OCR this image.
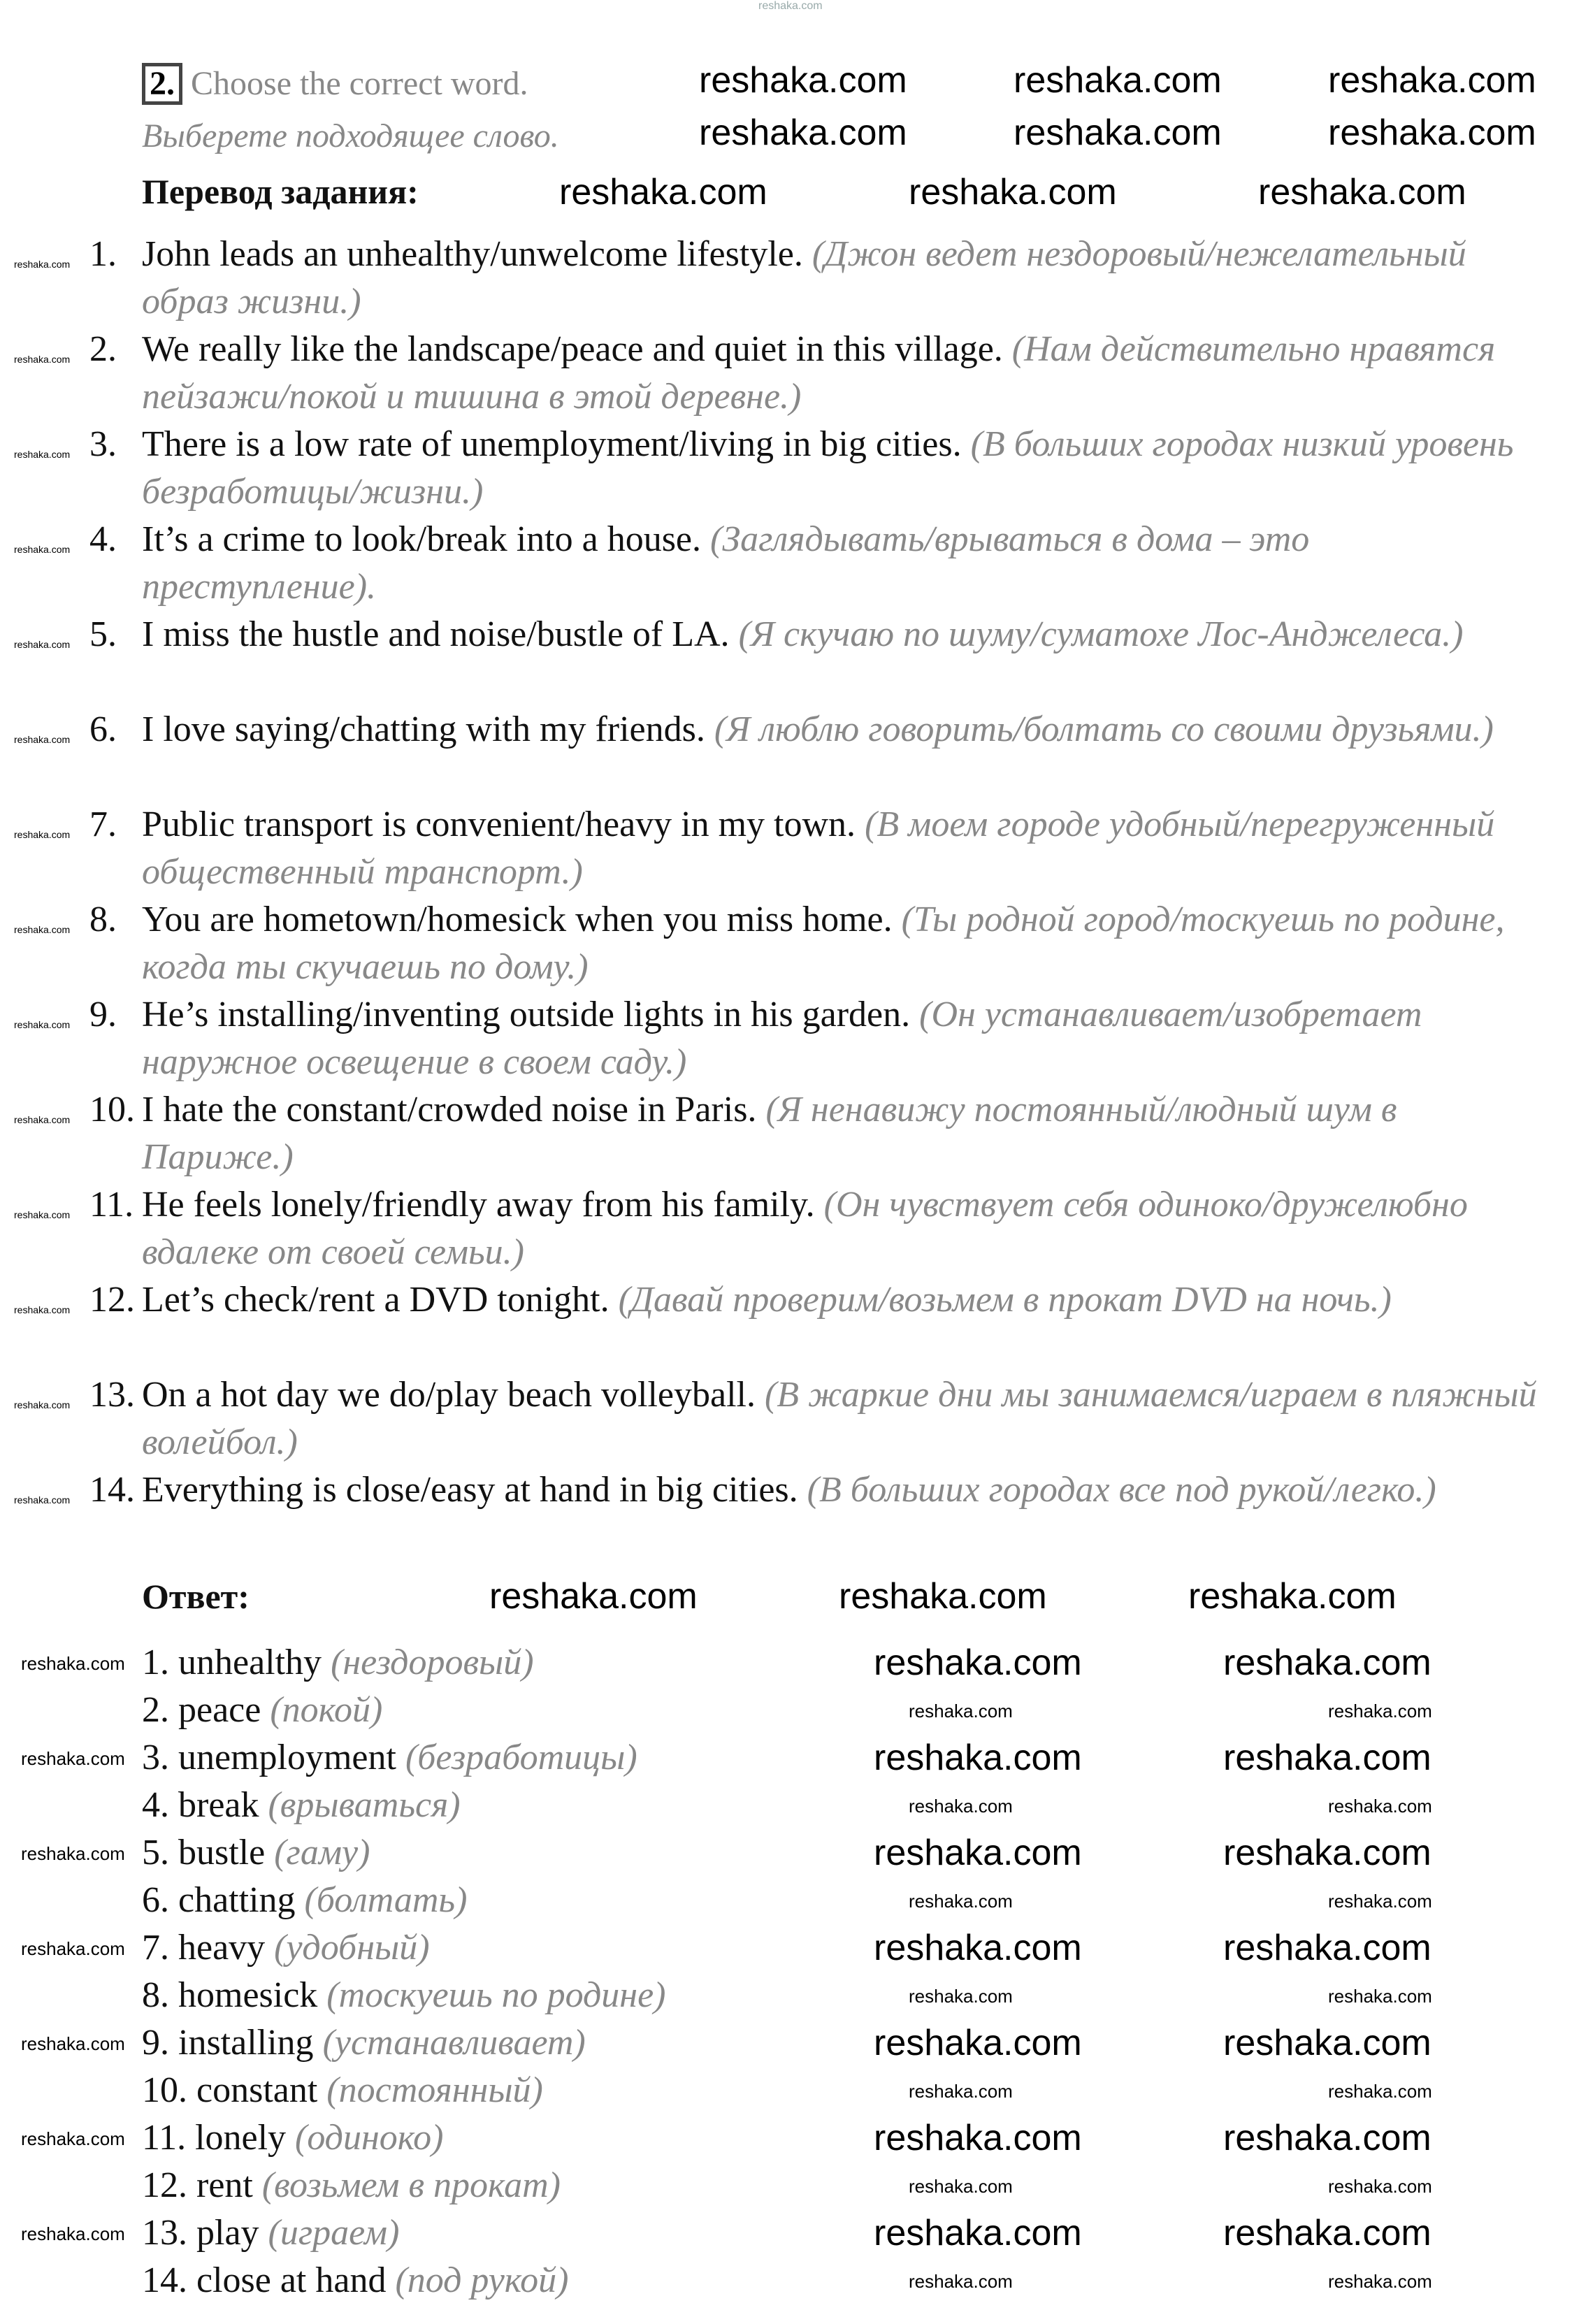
reshaka.com
2. Choose the correct word.
Выберете подходящее слово.
Перевод задания:
1. John leads an unhealthy/unwelcome lifestyle. (Джон ведет нездоровый/нежелательный образ жизни.)
2. We really like the landscape/peace and quiet in this village. (Нам действительно нравятся пейзажи/покой и тишина в этой деревне.)
3. There is a low rate of unemployment/living in big cities. (В больших городах низкий уровень безработицы/жизни.)
4. It’s a crime to look/break into a house. (Заглядывать/врываться в дома – это преступление).
5. I miss the hustle and noise/bustle of LA. (Я скучаю по шуму/суматохе Лос-Анджелеса.)
6. I love saying/chatting with my friends. (Я люблю говорить/болтать со своими друзьями.)
7. Public transport is convenient/heavy in my town. (В моем городе удобный/перегруженный общественный транспорт.)
8. You are hometown/homesick when you miss home. (Ты родной город/тоскуешь по родине, когда ты скучаешь по дому.)
9. He’s installing/inventing outside lights in his garden. (Он устанавливает/изобретает наружное освещение в своем саду.)
10. I hate the constant/crowded noise in Paris. (Я ненавижу постоянный/людный шум в Париже.)
11. He feels lonely/friendly away from his family. (Он чувствует себя одиноко/дружелюбно вдалеке от своей семьи.)
12. Let’s check/rent a DVD tonight. (Давай проверим/возьмем в прокат DVD на ночь.)
13. On a hot day we do/play beach volleyball. (В жаркие дни мы занимаемся/играем в пляжный волейбол.)
14. Everything is close/easy at hand in big cities. (В больших городах все под рукой/легко.)
Ответ:
1. unhealthy (нездоровый)
2. peace (покой)
3. unemployment (безработицы)
4. break (врываться)
5. bustle (гаму)
6. chatting (болтать)
7. heavy (удобный)
8. homesick (тоскуешь по родине)
9. installing (устанавливает)
10. constant (постоянный)
11. lonely (одиноко)
12. rent (возьмем в прокат)
13. play (играем)
14. close at hand (под рукой)
reshaka.com	reshaka.com	reshaka.com
reshaka.com	reshaka.com	reshaka.com
reshaka.com	reshaka.com	reshaka.com
reshaka.com	reshaka.com	reshaka.com
reshaka.com	reshaka.com
reshaka.com	reshaka.com
reshaka.com	reshaka.com
reshaka.com	reshaka.com
reshaka.com	reshaka.com
reshaka.com	reshaka.com
reshaka.com	reshaka.com
reshaka.com	reshaka.com
reshaka.com	reshaka.com
reshaka.com	reshaka.com
reshaka.com	reshaka.com
reshaka.com	reshaka.com
reshaka.com	reshaka.com
reshaka.com	reshaka.com
reshaka.com
reshaka.com
reshaka.com
reshaka.com
reshaka.com
reshaka.com
reshaka.com
reshaka.com
reshaka.com
reshaka.com
reshaka.com
reshaka.com
reshaka.com
reshaka.com
reshaka.com
reshaka.com
reshaka.com
reshaka.com
reshaka.com
reshaka.com
reshaka.com
